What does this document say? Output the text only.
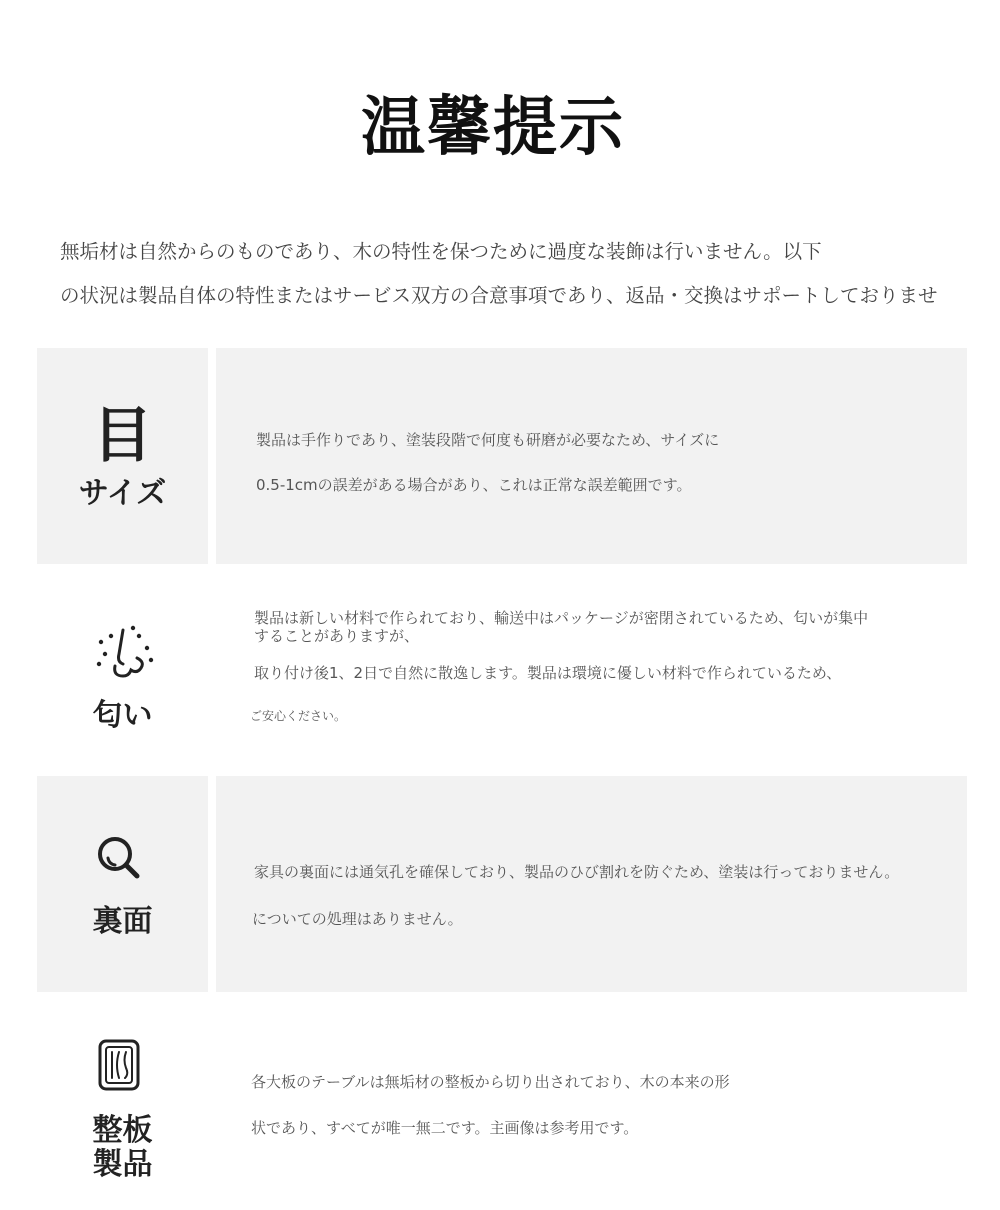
温馨提示

無垢材は自然からのものであり、木の特性を保つために過度な装飾は行いません。以下

の状況は製品自体の特性またはサービス双方の合意事項であり、返品・交換はサポートしておりませ

目
サイズ
製品は手作りであり、塗装段階で何度も研磨が必要なため、サイズに
0.5-1cmの誤差がある場合があり、これは正常な誤差範囲です。
匂い
製品は新しい材料で作られており、輸送中はパッケージが密閉されているため、匂いが集中
することがありますが、
取り付け後1、2日で自然に散逸します。製品は環境に優しい材料で作られているため、
ご安心ください。
裏面
家具の裏面には通気孔を確保しており、製品のひび割れを防ぐため、塗装は行っておりません。
についての処理はありません。
整板
製品
各大板のテーブルは無垢材の整板から切り出されており、木の本来の形
状であり、すべてが唯一無二です。主画像は参考用です。
